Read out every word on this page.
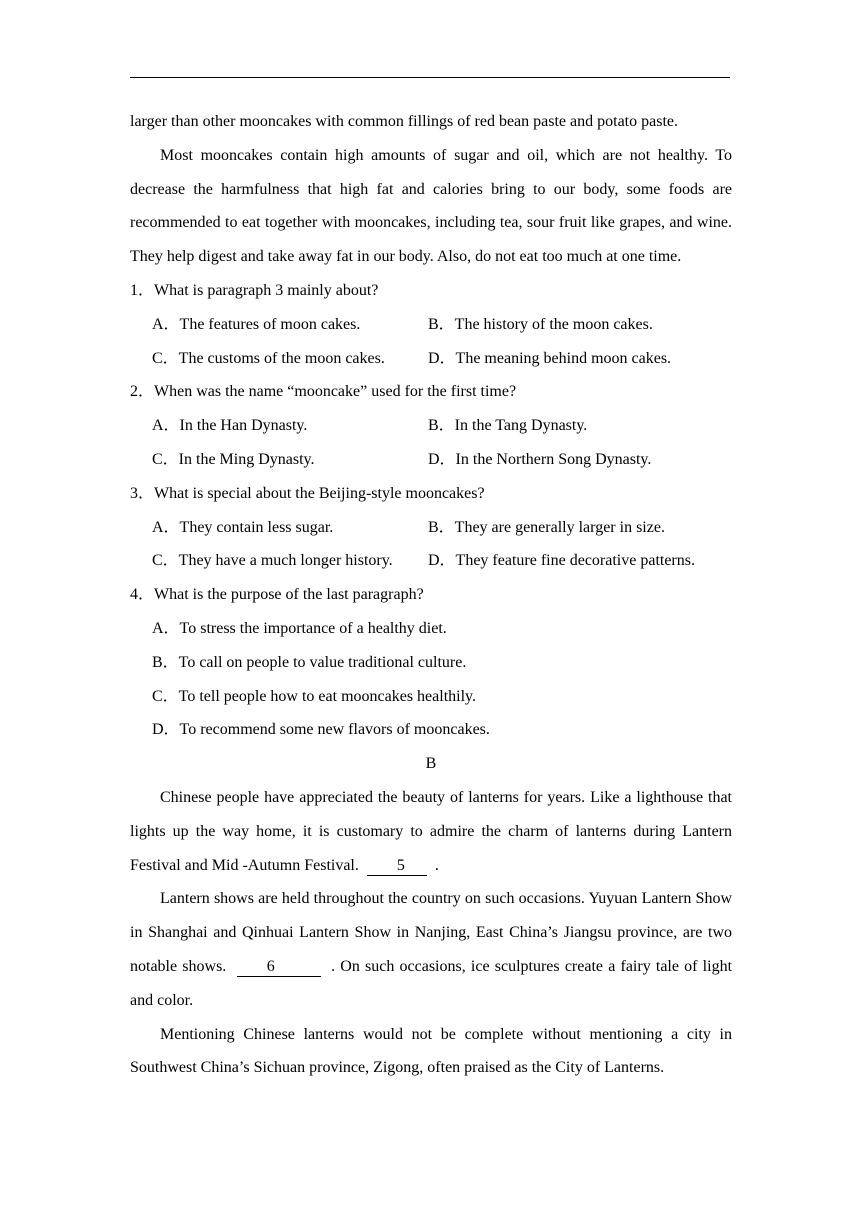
larger than other mooncakes with common fillings of red bean paste and potato paste.

Most mooncakes contain high amounts of sugar and oil, which are not healthy. To decrease the harmfulness that high fat and calories bring to our body, some foods are recommended to eat together with mooncakes, including tea, sour fruit like grapes, and wine. They help digest and take away fat in our body. Also, do not eat too much at one time.

1．What is paragraph 3 mainly about?

A．The features of moon cakes.	B．The history of the moon cakes.
C．The customs of the moon cakes.	D．The meaning behind moon cakes.

2．When was the name “mooncake” used for the first time?

A．In the Han Dynasty.	B．In the Tang Dynasty.
C．In the Ming Dynasty.	D．In the Northern Song Dynasty.

3．What is special about the Beijing-style mooncakes?

A．They contain less sugar.	B．They are generally larger in size.
C．They have a much longer history.	D．They feature fine decorative patterns.

4．What is the purpose of the last paragraph?

A．To stress the importance of a healthy diet.

B．To call on people to value traditional culture.

C．To tell people how to eat mooncakes healthily.

D．To recommend some new flavors of mooncakes.

B

Chinese people have appreciated the beauty of lanterns for years. Like a lighthouse that lights up the way home, it is customary to admire the charm of lanterns during Lantern Festival and Mid -Autumn Festival. 5 .

Lantern shows are held throughout the country on such occasions. Yuyuan Lantern Show in Shanghai and Qinhuai Lantern Show in Nanjing, East China’s Jiangsu province, are two notable shows.	6	. On such occasions, ice sculptures create a fairy tale of light and color.

Mentioning Chinese lanterns would not be complete without mentioning a city in Southwest China’s Sichuan province, Zigong, often praised as the City of Lanterns.
